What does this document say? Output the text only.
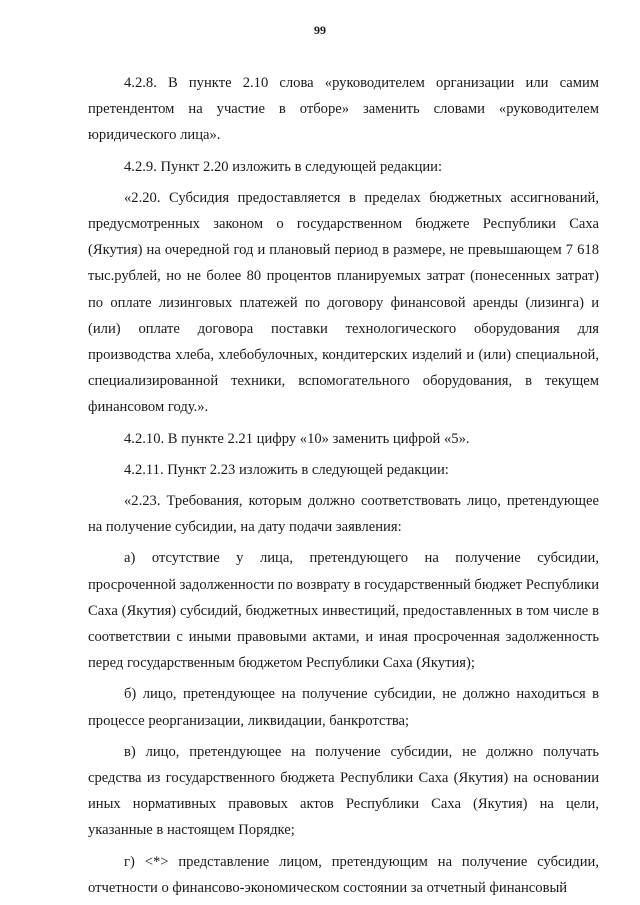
99

4.2.8. В пункте 2.10 слова «руководителем организации или самим претендентом на участие в отборе» заменить словами «руководителем юридического лица».

4.2.9. Пункт 2.20 изложить в следующей редакции:

«2.20. Субсидия предоставляется в пределах бюджетных ассигнований, предусмотренных законом о государственном бюджете Республики Саха (Якутия) на очередной год и плановый период в размере, не превышающем 7 618 тыс.рублей, но не более 80 процентов планируемых затрат (понесенных затрат) по оплате лизинговых платежей по договору финансовой аренды (лизинга) и (или) оплате договора поставки технологического оборудования для производства хлеба, хлебобулочных, кондитерских изделий и (или) специальной, специализированной техники, вспомогательного оборудования, в текущем финансовом году.».

4.2.10. В пункте 2.21 цифру «10» заменить цифрой «5».

4.2.11. Пункт 2.23 изложить в следующей редакции:

«2.23. Требования, которым должно соответствовать лицо, претендующее на получение субсидии, на дату подачи заявления:

а) отсутствие у лица, претендующего на получение субсидии, просроченной задолженности по возврату в государственный бюджет Республики Саха (Якутия) субсидий, бюджетных инвестиций, предоставленных в том числе в соответствии с иными правовыми актами, и иная просроченная задолженность перед государственным бюджетом Республики Саха (Якутия);

б) лицо, претендующее на получение субсидии, не должно находиться в процессе реорганизации, ликвидации, банкротства;

в) лицо, претендующее на получение субсидии, не должно получать средства из государственного бюджета Республики Саха (Якутия) на основании иных нормативных правовых актов Республики Саха (Якутия) на цели, указанные в настоящем Порядке;

г) <*> представление лицом, претендующим на получение субсидии, отчетности о финансово-экономическом состоянии за отчетный финансовый
